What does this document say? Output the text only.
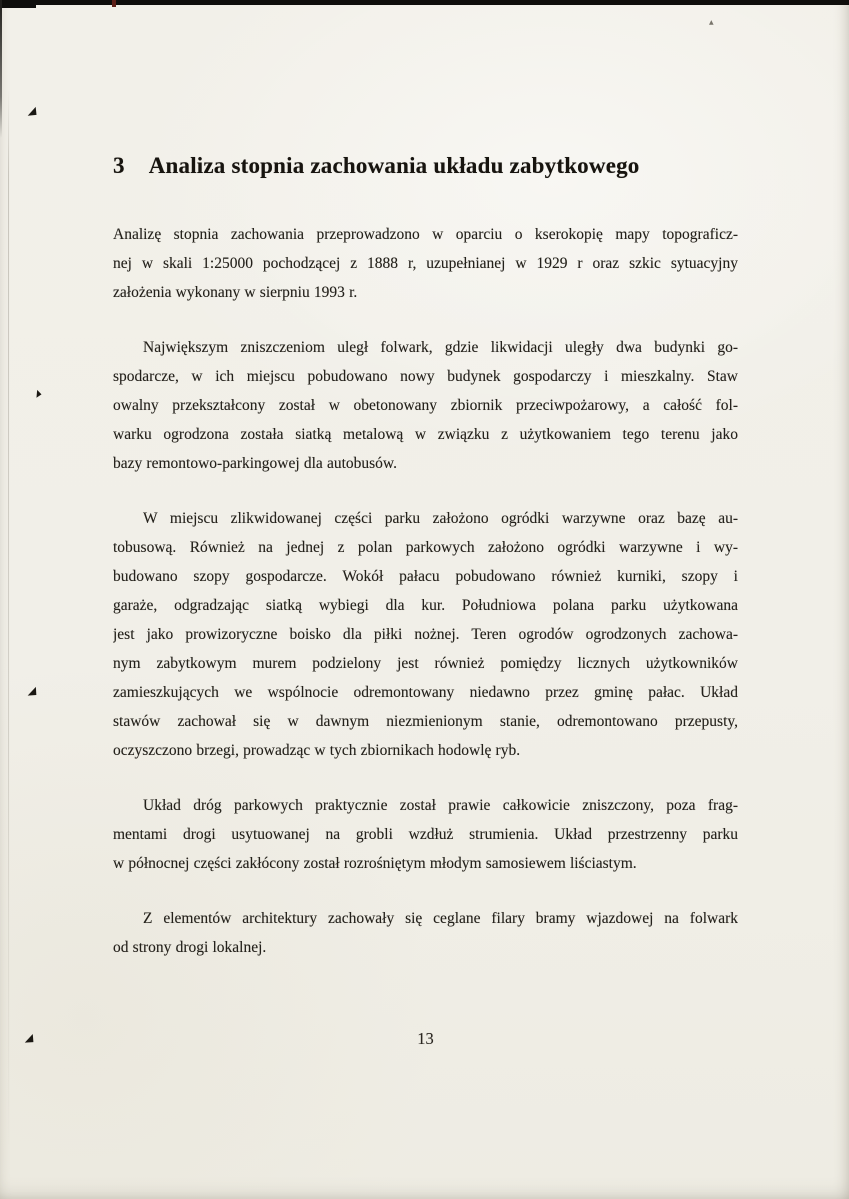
▲
▲
▲
▲
▲
3 Analiza stopnia zachowania układu zabytkowego
Analizę stopnia zachowania przeprowadzono w oparciu o kserokopię mapy topograficz-
nej w skali 1:25000 pochodzącej z 1888 r, uzupełnianej w 1929 r oraz szkic sytuacyjny
założenia wykonany w sierpniu 1993 r.
Największym zniszczeniom uległ folwark, gdzie likwidacji uległy dwa budynki go-
spodarcze, w ich miejscu pobudowano nowy budynek gospodarczy i mieszkalny. Staw
owalny przekształcony został w obetonowany zbiornik przeciwpożarowy, a całość fol-
warku ogrodzona została siatką metalową w związku z użytkowaniem tego terenu jako
bazy remontowo-parkingowej dla autobusów.
W miejscu zlikwidowanej części parku założono ogródki warzywne oraz bazę au-
tobusową. Również na jednej z polan parkowych założono ogródki warzywne i wy-
budowano szopy gospodarcze. Wokół pałacu pobudowano również kurniki, szopy i
garaże, odgradzając siatką wybiegi dla kur. Południowa polana parku użytkowana
jest jako prowizoryczne boisko dla piłki nożnej. Teren ogrodów ogrodzonych zachowa-
nym zabytkowym murem podzielony jest również pomiędzy licznych użytkowników
zamieszkujących we wspólnocie odremontowany niedawno przez gminę pałac. Układ
stawów zachował się w dawnym niezmienionym stanie, odremontowano przepusty,
oczyszczono brzegi, prowadząc w tych zbiornikach hodowlę ryb.
Układ dróg parkowych praktycznie został prawie całkowicie zniszczony, poza frag-
mentami drogi usytuowanej na grobli wzdłuż strumienia. Układ przestrzenny parku
w północnej części zakłócony został rozrośniętym młodym samosiewem liściastym.
Z elementów architektury zachowały się ceglane filary bramy wjazdowej na folwark
od strony drogi lokalnej.
13
